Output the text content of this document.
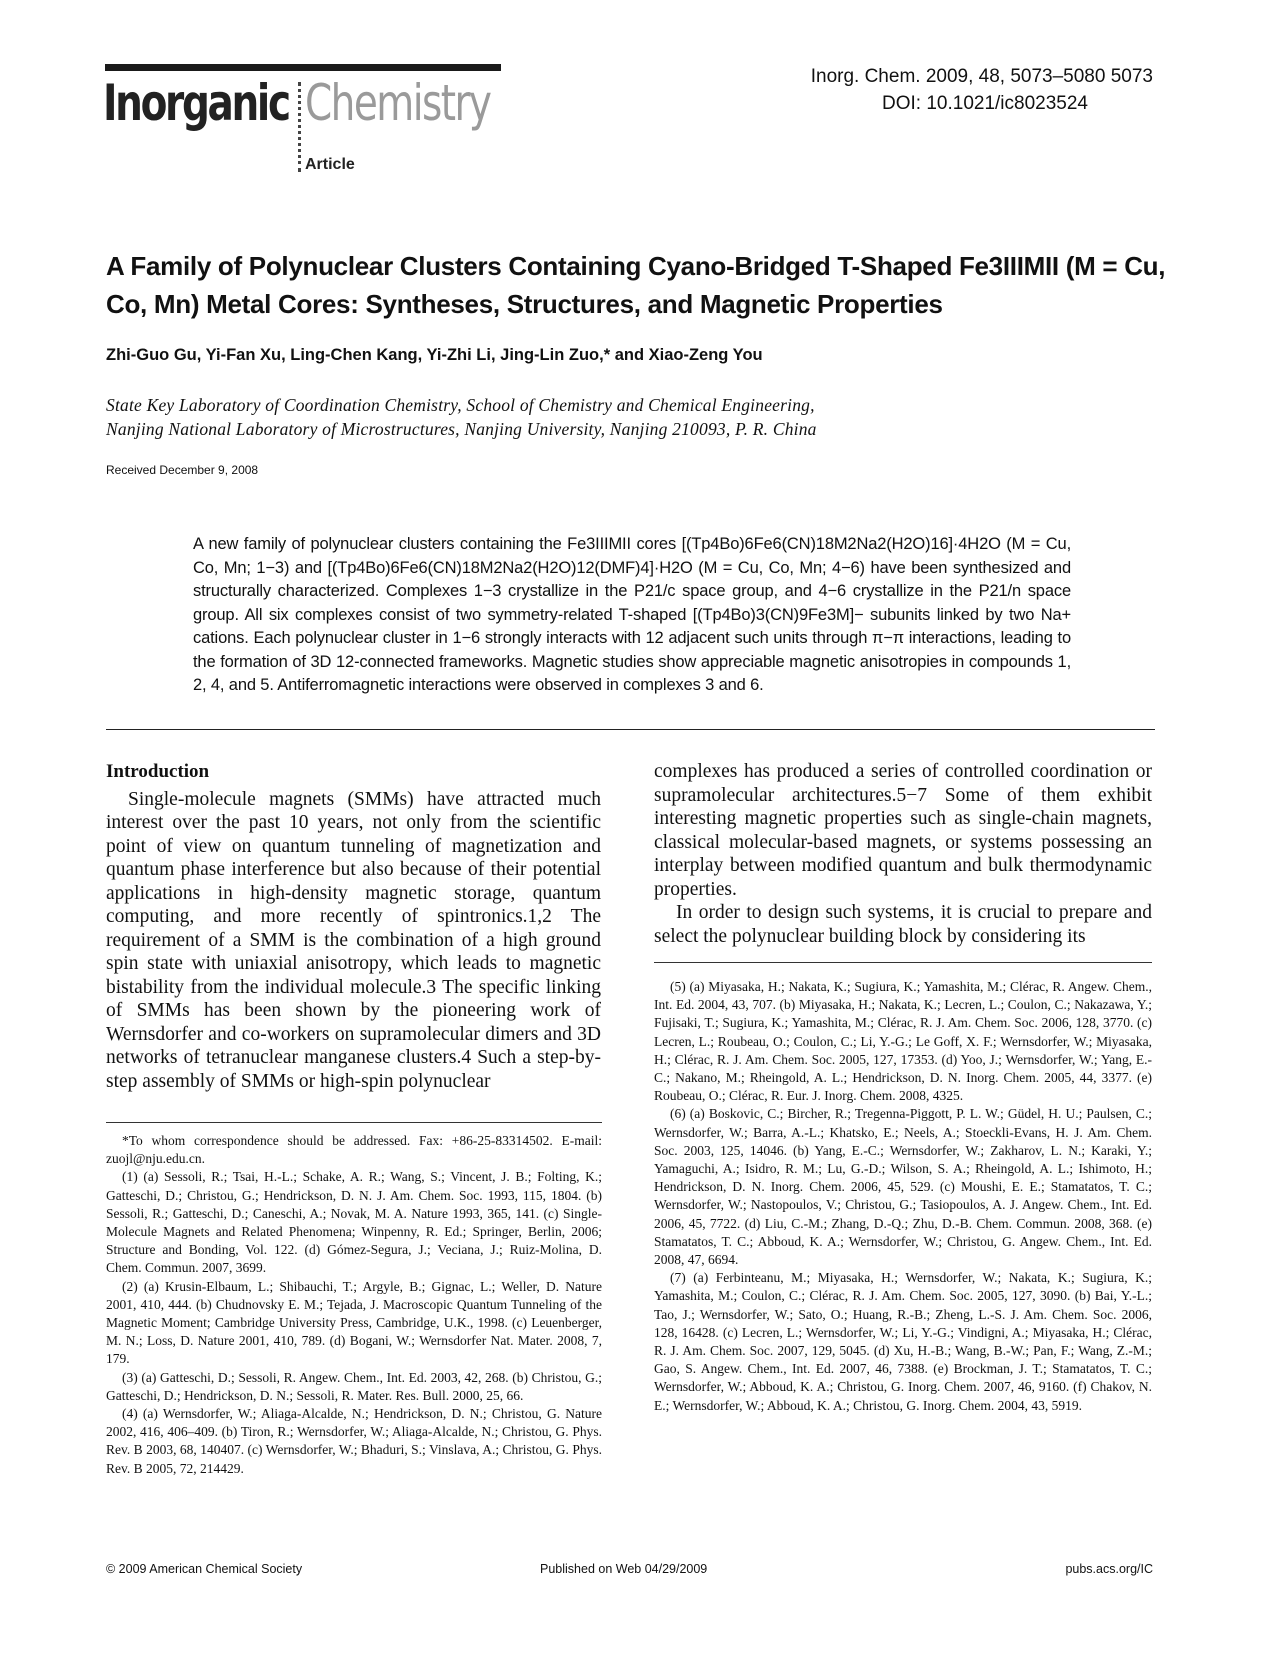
Inorganic Chemistry
Article
Inorg. Chem. 2009, 48, 5073–5080 5073
DOI: 10.1021/ic8023524
A Family of Polynuclear Clusters Containing Cyano-Bridged T-Shaped Fe3IIIMII (M = Cu, Co, Mn) Metal Cores: Syntheses, Structures, and Magnetic Properties
Zhi-Guo Gu, Yi-Fan Xu, Ling-Chen Kang, Yi-Zhi Li, Jing-Lin Zuo,* and Xiao-Zeng You
State Key Laboratory of Coordination Chemistry, School of Chemistry and Chemical Engineering,
Nanjing National Laboratory of Microstructures, Nanjing University, Nanjing 210093, P. R. China
Received December 9, 2008

A new family of polynuclear clusters containing the Fe3IIIMII cores [(Tp4Bo)6Fe6(CN)18M2Na2(H2O)16]·4H2O (M = Cu, Co, Mn; 1−3) and [(Tp4Bo)6Fe6(CN)18M2Na2(H2O)12(DMF)4]·H2O (M = Cu, Co, Mn; 4−6) have been synthesized and structurally characterized. Complexes 1−3 crystallize in the P21/c space group, and 4−6 crystallize in the P21/n space group. All six complexes consist of two symmetry-related T-shaped [(Tp4Bo)3(CN)9Fe3M]− subunits linked by two Na+ cations. Each polynuclear cluster in 1−6 strongly interacts with 12 adjacent such units through π−π interactions, leading to the formation of 3D 12-connected frameworks. Magnetic studies show appreciable magnetic anisotropies in compounds 1, 2, 4, and 5. Antiferromagnetic interactions were observed in complexes 3 and 6.

Introduction

Single-molecule magnets (SMMs) have attracted much interest over the past 10 years, not only from the scientific point of view on quantum tunneling of magnetization and quantum phase interference but also because of their potential applications in high-density magnetic storage, quantum computing, and more recently of spintronics.1,2 The requirement of a SMM is the combination of a high ground spin state with uniaxial anisotropy, which leads to magnetic bistability from the individual molecule.3 The specific linking of SMMs has been shown by the pioneering work of Wernsdorfer and co-workers on supramolecular dimers and 3D networks of tetranuclear manganese clusters.4 Such a step-by-step assembly of SMMs or high-spin polynuclear

complexes has produced a series of controlled coordination or supramolecular architectures.5−7 Some of them exhibit interesting magnetic properties such as single-chain magnets, classical molecular-based magnets, or systems possessing an interplay between modified quantum and bulk thermodynamic properties.

In order to design such systems, it is crucial to prepare and select the polynuclear building block by considering its

*To whom correspondence should be addressed. Fax: +86-25-83314502. E-mail: zuojl@nju.edu.cn.

(1) (a) Sessoli, R.; Tsai, H.-L.; Schake, A. R.; Wang, S.; Vincent, J. B.; Folting, K.; Gatteschi, D.; Christou, G.; Hendrickson, D. N. J. Am. Chem. Soc. 1993, 115, 1804. (b) Sessoli, R.; Gatteschi, D.; Caneschi, A.; Novak, M. A. Nature 1993, 365, 141. (c) Single-Molecule Magnets and Related Phenomena; Winpenny, R. Ed.; Springer, Berlin, 2006; Structure and Bonding, Vol. 122. (d) Gómez-Segura, J.; Veciana, J.; Ruiz-Molina, D. Chem. Commun. 2007, 3699.

(2) (a) Krusin-Elbaum, L.; Shibauchi, T.; Argyle, B.; Gignac, L.; Weller, D. Nature 2001, 410, 444. (b) Chudnovsky E. M.; Tejada, J. Macroscopic Quantum Tunneling of the Magnetic Moment; Cambridge University Press, Cambridge, U.K., 1998. (c) Leuenberger, M. N.; Loss, D. Nature 2001, 410, 789. (d) Bogani, W.; Wernsdorfer Nat. Mater. 2008, 7, 179.

(3) (a) Gatteschi, D.; Sessoli, R. Angew. Chem., Int. Ed. 2003, 42, 268. (b) Christou, G.; Gatteschi, D.; Hendrickson, D. N.; Sessoli, R. Mater. Res. Bull. 2000, 25, 66.

(4) (a) Wernsdorfer, W.; Aliaga-Alcalde, N.; Hendrickson, D. N.; Christou, G. Nature 2002, 416, 406–409. (b) Tiron, R.; Wernsdorfer, W.; Aliaga-Alcalde, N.; Christou, G. Phys. Rev. B 2003, 68, 140407. (c) Wernsdorfer, W.; Bhaduri, S.; Vinslava, A.; Christou, G. Phys. Rev. B 2005, 72, 214429.

(5) (a) Miyasaka, H.; Nakata, K.; Sugiura, K.; Yamashita, M.; Clérac, R. Angew. Chem., Int. Ed. 2004, 43, 707. (b) Miyasaka, H.; Nakata, K.; Lecren, L.; Coulon, C.; Nakazawa, Y.; Fujisaki, T.; Sugiura, K.; Yamashita, M.; Clérac, R. J. Am. Chem. Soc. 2006, 128, 3770. (c) Lecren, L.; Roubeau, O.; Coulon, C.; Li, Y.-G.; Le Goff, X. F.; Wernsdorfer, W.; Miyasaka, H.; Clérac, R. J. Am. Chem. Soc. 2005, 127, 17353. (d) Yoo, J.; Wernsdorfer, W.; Yang, E.-C.; Nakano, M.; Rheingold, A. L.; Hendrickson, D. N. Inorg. Chem. 2005, 44, 3377. (e) Roubeau, O.; Clérac, R. Eur. J. Inorg. Chem. 2008, 4325.

(6) (a) Boskovic, C.; Bircher, R.; Tregenna-Piggott, P. L. W.; Güdel, H. U.; Paulsen, C.; Wernsdorfer, W.; Barra, A.-L.; Khatsko, E.; Neels, A.; Stoeckli-Evans, H. J. Am. Chem. Soc. 2003, 125, 14046. (b) Yang, E.-C.; Wernsdorfer, W.; Zakharov, L. N.; Karaki, Y.; Yamaguchi, A.; Isidro, R. M.; Lu, G.-D.; Wilson, S. A.; Rheingold, A. L.; Ishimoto, H.; Hendrickson, D. N. Inorg. Chem. 2006, 45, 529. (c) Moushi, E. E.; Stamatatos, T. C.; Wernsdorfer, W.; Nastopoulos, V.; Christou, G.; Tasiopoulos, A. J. Angew. Chem., Int. Ed. 2006, 45, 7722. (d) Liu, C.-M.; Zhang, D.-Q.; Zhu, D.-B. Chem. Commun. 2008, 368. (e) Stamatatos, T. C.; Abboud, K. A.; Wernsdorfer, W.; Christou, G. Angew. Chem., Int. Ed. 2008, 47, 6694.

(7) (a) Ferbinteanu, M.; Miyasaka, H.; Wernsdorfer, W.; Nakata, K.; Sugiura, K.; Yamashita, M.; Coulon, C.; Clérac, R. J. Am. Chem. Soc. 2005, 127, 3090. (b) Bai, Y.-L.; Tao, J.; Wernsdorfer, W.; Sato, O.; Huang, R.-B.; Zheng, L.-S. J. Am. Chem. Soc. 2006, 128, 16428. (c) Lecren, L.; Wernsdorfer, W.; Li, Y.-G.; Vindigni, A.; Miyasaka, H.; Clérac, R. J. Am. Chem. Soc. 2007, 129, 5045. (d) Xu, H.-B.; Wang, B.-W.; Pan, F.; Wang, Z.-M.; Gao, S. Angew. Chem., Int. Ed. 2007, 46, 7388. (e) Brockman, J. T.; Stamatatos, T. C.; Wernsdorfer, W.; Abboud, K. A.; Christou, G. Inorg. Chem. 2007, 46, 9160. (f) Chakov, N. E.; Wernsdorfer, W.; Abboud, K. A.; Christou, G. Inorg. Chem. 2004, 43, 5919.

© 2009 American Chemical Society	Published on Web 04/29/2009	pubs.acs.org/IC
